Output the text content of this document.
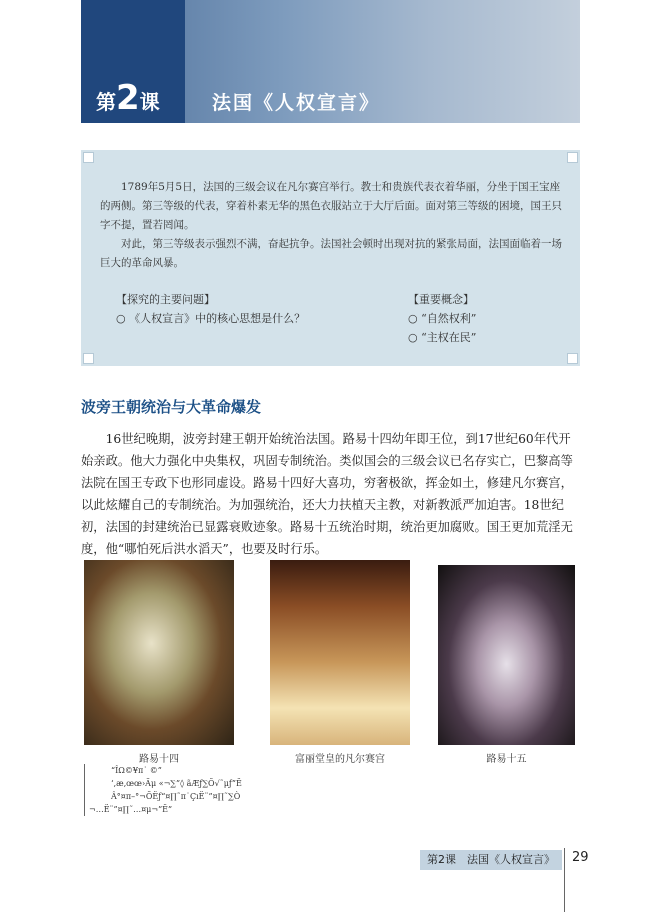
第2课	法国《人权宣言》

1789年5月5日，法国的三级会议在凡尔赛宫举行。教士和贵族代表衣着华丽，分坐于国王宝座的两侧。第三等级的代表，穿着朴素无华的黑色衣服站立于大厅后面。面对第三等级的困境，国王只字不提，置若罔闻。

对此，第三等级表示强烈不满，奋起抗争。法国社会顿时出现对抗的紧张局面，法国面临着一场巨大的革命风暴。

【探究的主要问题】
○ 《人权宣言》中的核心思想是什么？
【重要概念】
○ “自然权利”
○ “主权在民”
波旁王朝统治与大革命爆发

16世纪晚期，波旁封建王朝开始统治法国。路易十四幼年即王位，到17世纪60年代开始亲政。他大力强化中央集权，巩固专制统治。类似国会的三级会议已名存实亡，巴黎高等法院在国王专政下也形同虚设。路易十四好大喜功，穷奢极欲，挥金如土，修建凡尔赛宫，以此炫耀自己的专制统治。为加强统治，还大力扶植天主教，对新教派严加迫害。18世纪初，法国的封建统治已显露衰败迹象。路易十五统治时期，统治更加腐败。国王更加荒淫无度，他“哪怕死后洪水滔天”，也要及时行乐。

路易十四	富丽堂皇的凡尔赛宫	路易十五
“ÎΩ©¥π˙ ©”
‘‚æ‚œœ›Ãμ «¬∑”◊ ãÆƒ∑Õ√˜μƒ”Ë
Â°¤π–°¬ÕËƒ“¤∏˜π˙ÇıË¨”¤∏˜∑Ò
¬…Ë¨”¤∏˜…¤μ¬”Ë”
第2课　法国《人权宣言》	29
